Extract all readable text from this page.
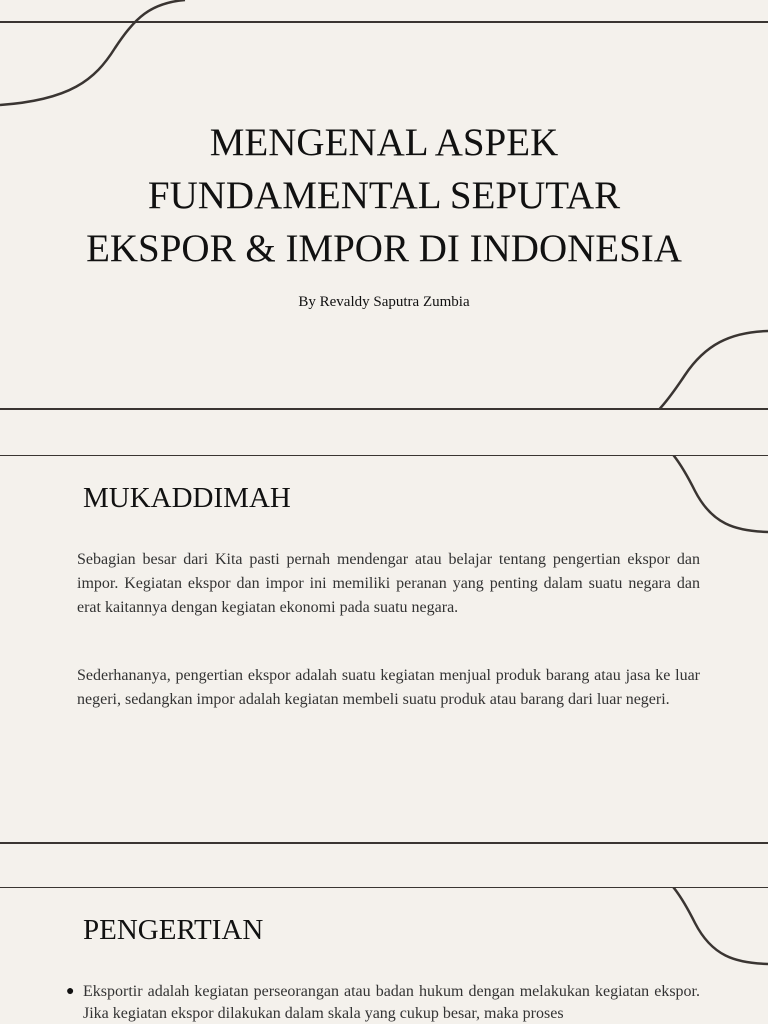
MENGENAL ASPEK
FUNDAMENTAL SEPUTAR
EKSPOR & IMPOR DI INDONESIA
By Revaldy Saputra Zumbia
MUKADDIMAH
Sebagian besar dari Kita pasti pernah mendengar atau belajar tentang pengertian ekspor dan impor. Kegiatan ekspor dan impor ini memiliki peranan yang penting dalam suatu negara dan erat kaitannya dengan kegiatan ekonomi pada suatu negara.
Sederhananya, pengertian ekspor adalah suatu kegiatan menjual produk barang atau jasa ke luar negeri, sedangkan impor adalah kegiatan membeli suatu produk atau barang dari luar negeri.
PENGERTIAN
● Eksportir adalah kegiatan perseorangan atau badan hukum dengan melakukan kegiatan ekspor. Jika kegiatan ekspor dilakukan dalam skala yang cukup besar, maka proses
